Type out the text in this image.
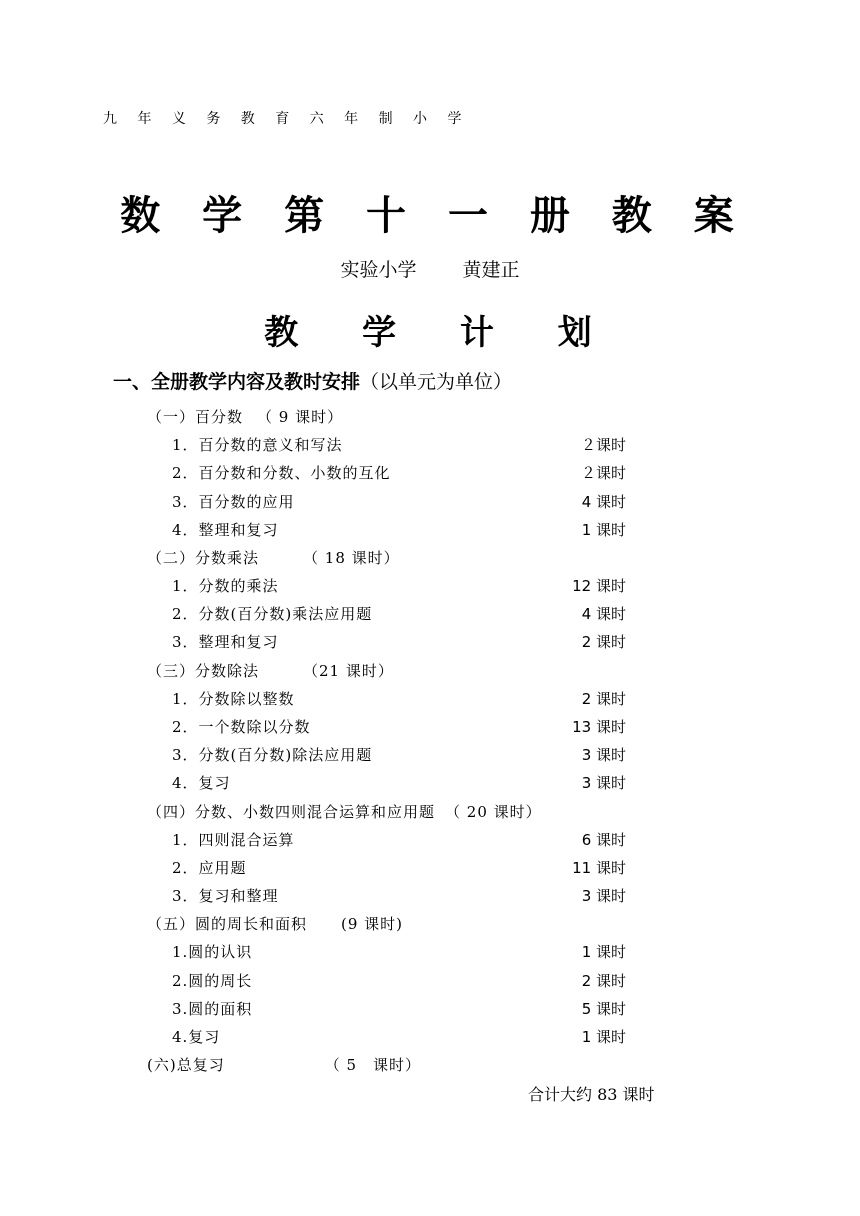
九 年 义 务 教 育 六 年 制 小 学
数 学 第 十 一 册 教 案
实验小学 黄建正
教 学 计 划
一、全册教学内容及教时安排（以单元为单位）
（一）百分数 （ 9 课时）
1．百分数的意义和写法	２课时
2．百分数和分数、小数的互化	２课时
3．百分数的应用	4 课时
4．整理和复习	1 课时
（二）分数乘法	（ 18 课时）
1．分数的乘法	12 课时
2．分数(百分数)乘法应用题	4 课时
3．整理和复习	2 课时
（三）分数除法	（21 课时）
1．分数除以整数	2 课时
2．一个数除以分数	13 课时
3．分数(百分数)除法应用题	3 课时
4．复习	3 课时
（四）分数、小数四则混合运算和应用题 （ 20 课时）
1．四则混合运算	6 课时
2．应用题	11 课时
3．复习和整理	3 课时
（五）圆的周长和面积 (9 课时)
1.圆的认识	1 课时
2.圆的周长	2 课时
3.圆的面积	5 课时
4.复习	1 课时
(六)总复习	（ 5　课时）
合计大约 83 课时
